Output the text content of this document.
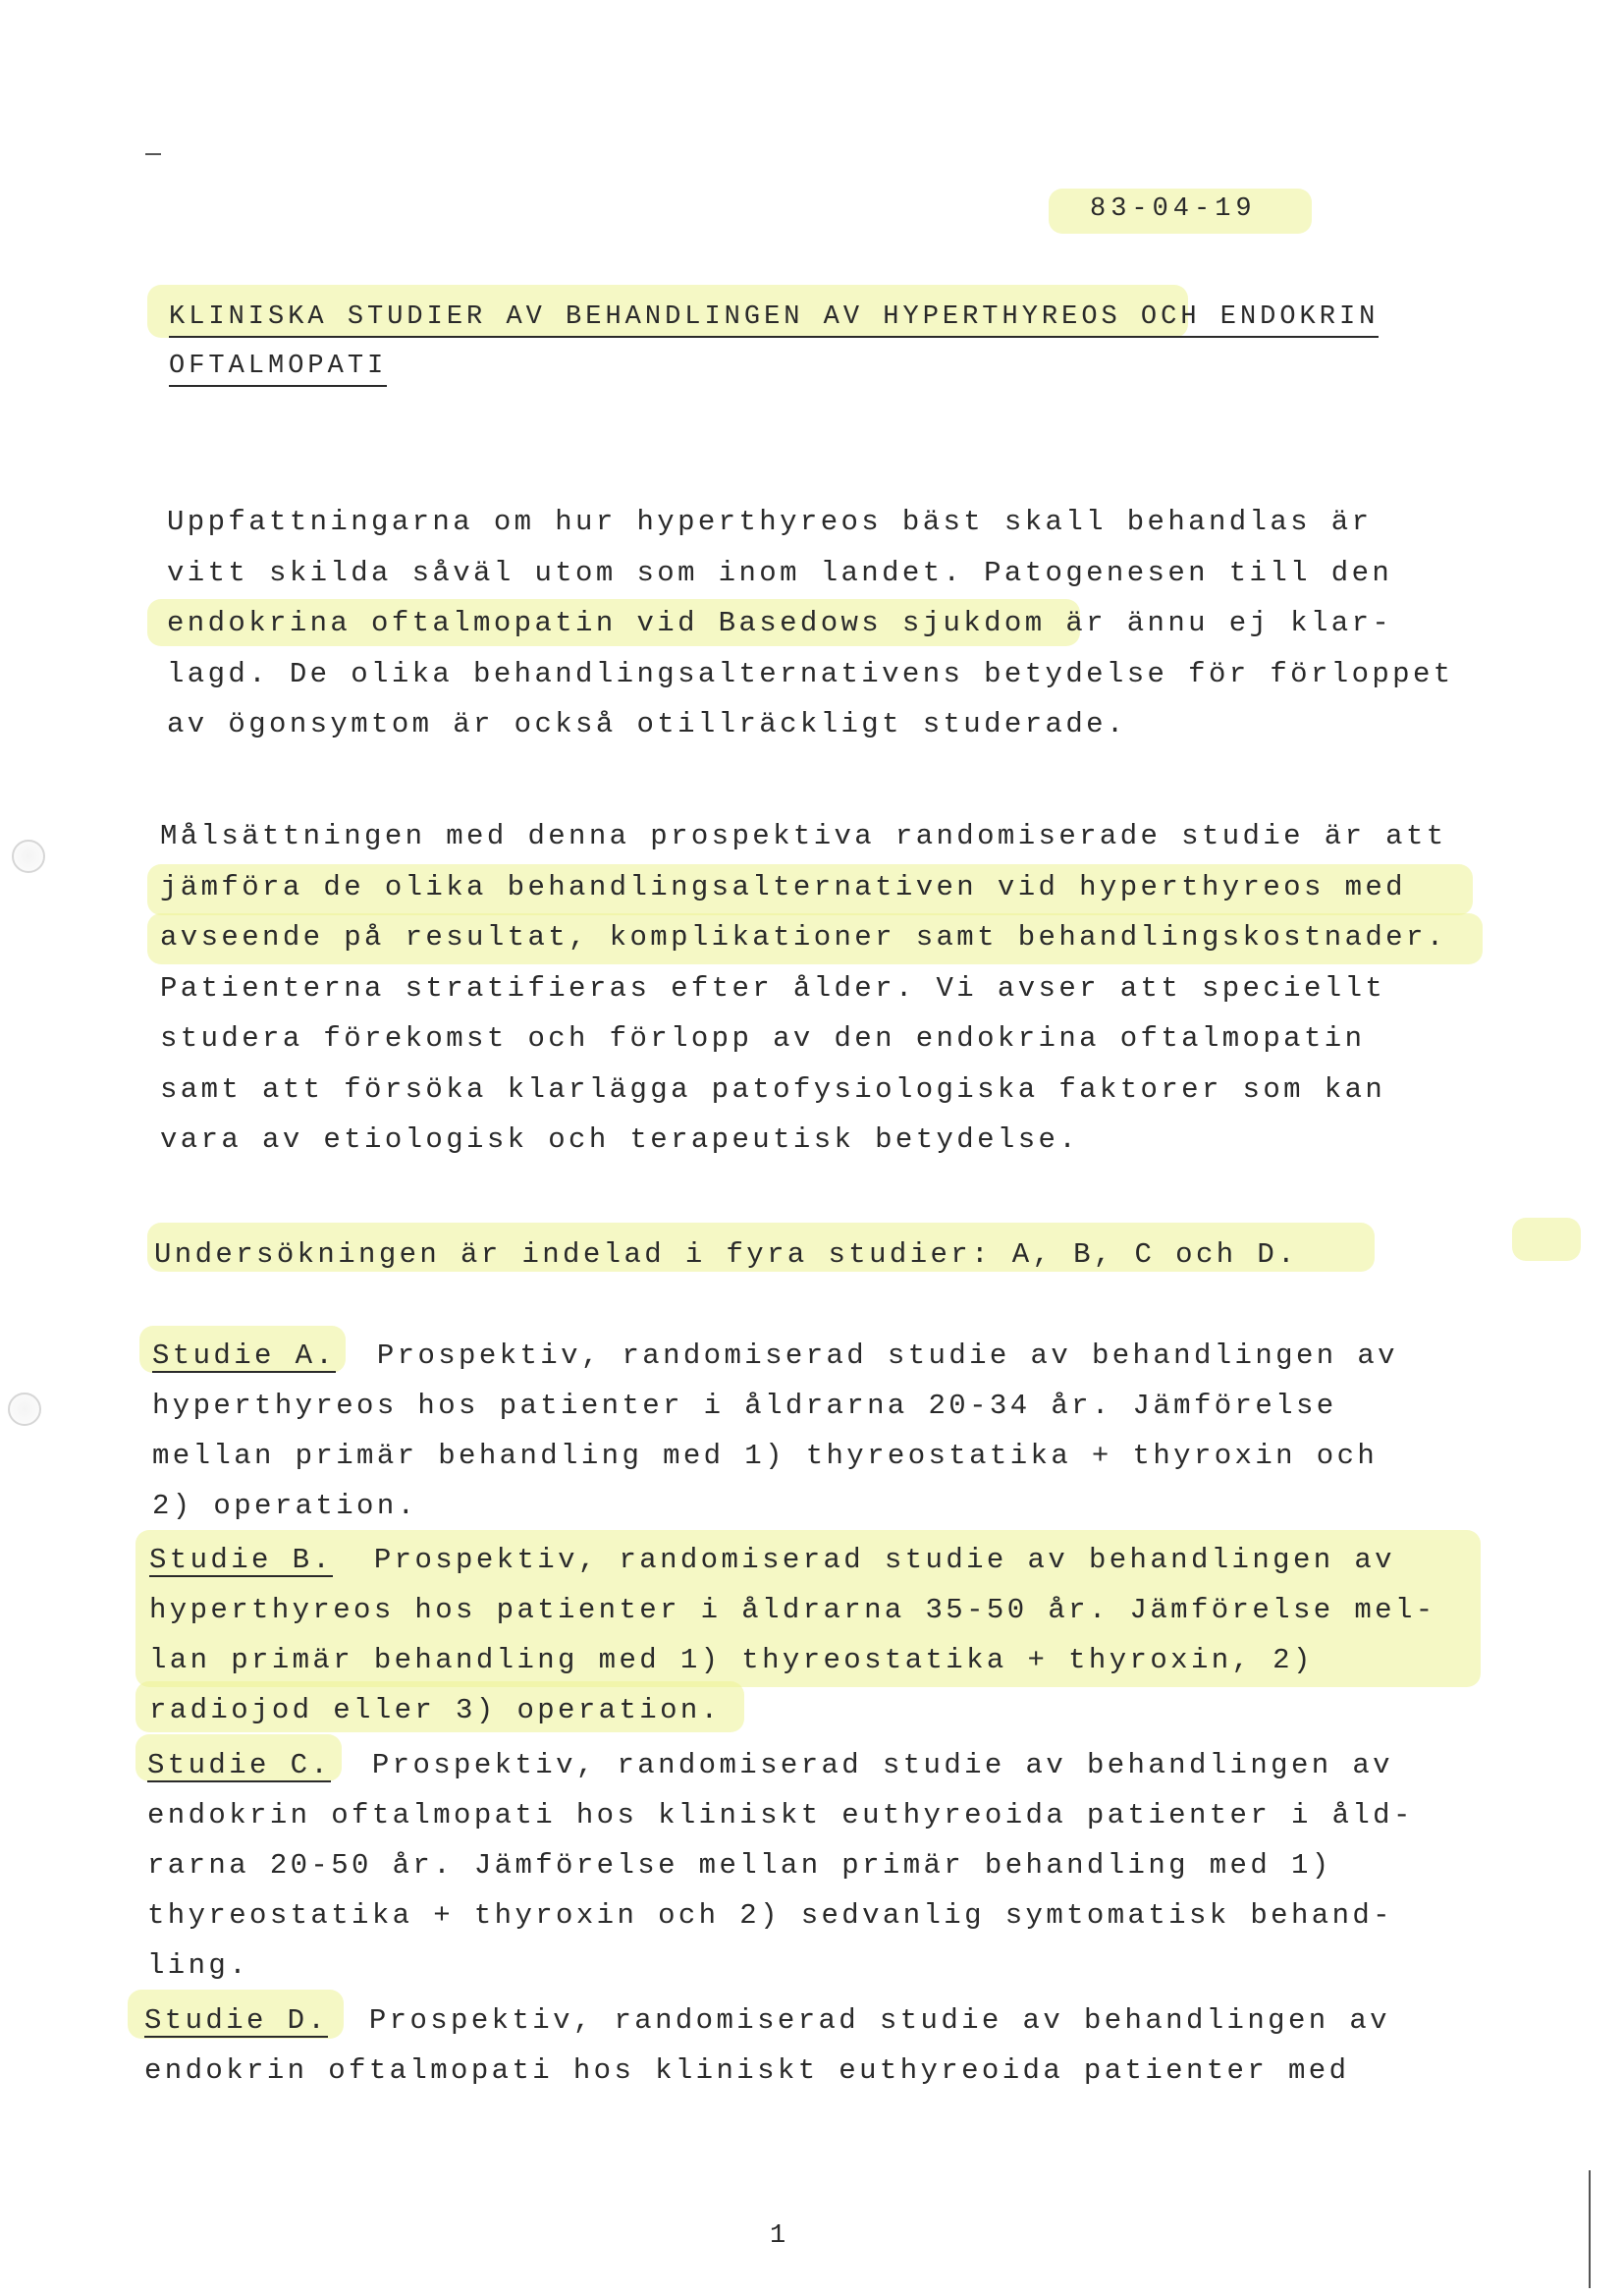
83-04-19
KLINISKA STUDIER AV BEHANDLINGEN AV HYPERTHYREOS OCH ENDOKRIN
OFTALMOPATI
Uppfattningarna om hur hyperthyreos bäst skall behandlas är
vitt skilda såväl utom som inom landet. Patogenesen till den
endokrina oftalmopatin vid Basedows sjukdom är ännu ej klar-
lagd. De olika behandlingsalternativens betydelse för förloppet
av ögonsymtom är också otillräckligt studerade.
Målsättningen med denna prospektiva randomiserade studie är att
jämföra de olika behandlingsalternativen vid hyperthyreos med
avseende på resultat, komplikationer samt behandlingskostnader.
Patienterna stratifieras efter ålder. Vi avser att speciellt
studera förekomst och förlopp av den endokrina oftalmopatin
samt att försöka klarlägga patofysiologiska faktorer som kan
vara av etiologisk och terapeutisk betydelse.
Undersökningen är indelad i fyra studier: A, B, C och D.
Studie A.  Prospektiv, randomiserad studie av behandlingen av
hyperthyreos hos patienter i åldrarna 20-34 år. Jämförelse
mellan primär behandling med 1) thyreostatika + thyroxin och
2) operation.
Studie B.  Prospektiv, randomiserad studie av behandlingen av
hyperthyreos hos patienter i åldrarna 35-50 år. Jämförelse mel-
lan primär behandling med 1) thyreostatika + thyroxin, 2)
radiojod eller 3) operation.
Studie C.  Prospektiv, randomiserad studie av behandlingen av
endokrin oftalmopati hos kliniskt euthyreoida patienter i åld-
rarna 20-50 år. Jämförelse mellan primär behandling med 1)
thyreostatika + thyroxin och 2) sedvanlig symtomatisk behand-
ling.
Studie D.  Prospektiv, randomiserad studie av behandlingen av
endokrin oftalmopati hos kliniskt euthyreoida patienter med
1
